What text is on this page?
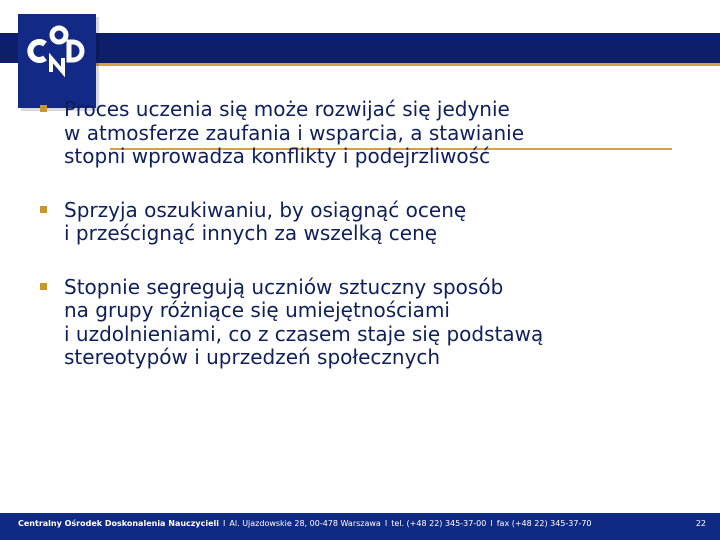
Proces uczenia się może rozwijać się jedynie
w atmosferze zaufania i wsparcia, a stawianie
stopni wprowadza konflikty i podejrzliwość
Sprzyja oszukiwaniu, by osiągnąć ocenę
i prześcignąć innych za wszelką cenę
Stopnie segregują uczniów sztuczny sposób
na grupy różniące się umiejętnościami
i uzdolnieniami, co z czasem staje się podstawą
stereotypów i uprzedzeń społecznych
Centralny Ośrodek Doskonalenia Nauczycieli I Al. Ujazdowskie 28, 00-478 Warszawa I tel. (+48 22) 345-37-00 I fax (+48 22) 345-37-70	22
